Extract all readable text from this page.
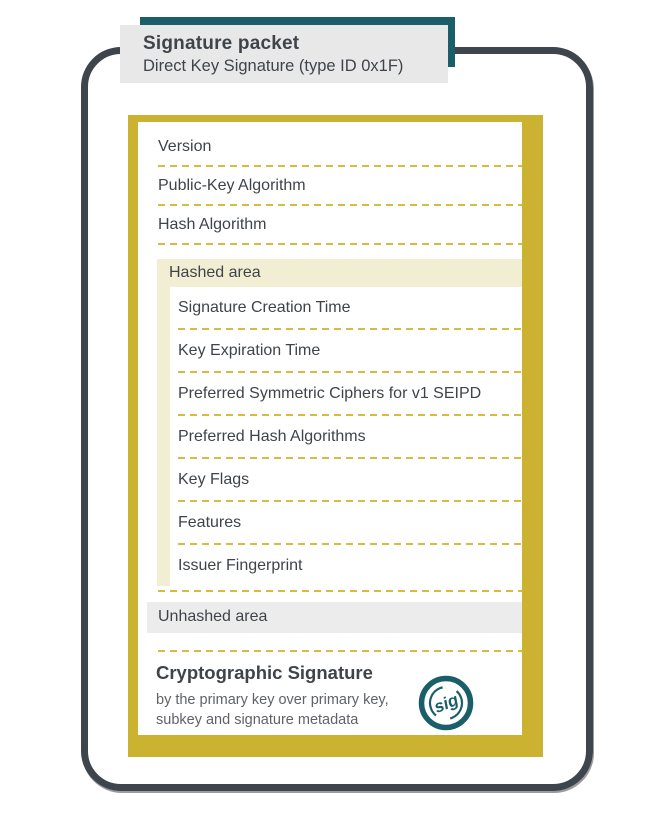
Signature packet
Direct Key Signature (type ID 0x1F)
Version
Public-Key Algorithm
Hash Algorithm
Hashed area
Signature Creation Time
Key Expiration Time
Preferred Symmetric Ciphers for v1 SEIPD
Preferred Hash Algorithms
Key Flags
Features
Issuer Fingerprint
Unhashed area
Cryptographic Signature
by the primary key over primary key,
subkey and signature metadata
sig
